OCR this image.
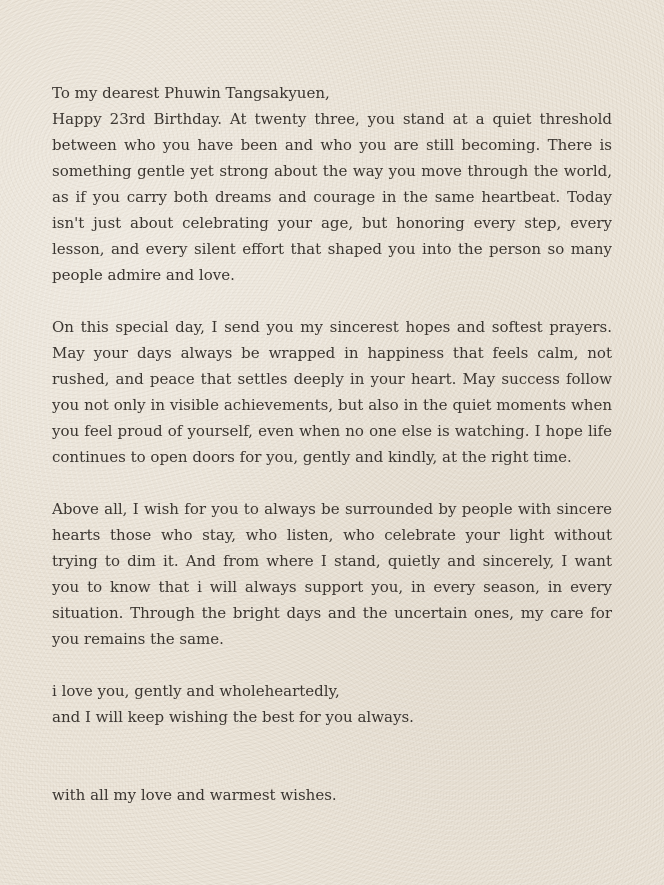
To my dearest Phuwin Tangsakyuen,

Happy 23rd Birthday. At twenty three, you stand at a quiet threshold between who you have been and who you are still becoming. There is something gentle yet strong about the way you move through the world, as if you carry both dreams and courage in the same heartbeat. Today isn't just about celebrating your age, but honoring every step, every lesson, and every silent effort that shaped you into the person so many people admire and love.

On this special day, I send you my sincerest hopes and softest prayers. May your days always be wrapped in happiness that feels calm, not rushed, and peace that settles deeply in your heart. May success follow you not only in visible achievements, but also in the quiet moments when you feel proud of yourself, even when no one else is watching. I hope life continues to open doors for you, gently and kindly, at the right time.

Above all, I wish for you to always be surrounded by people with sincere hearts those who stay, who listen, who celebrate your light without trying to dim it. And from where I stand, quietly and sincerely, I want you to know that i will always support you, in every season, in every situation. Through the bright days and the uncertain ones, my care for you remains the same.

i love you, gently and wholeheartedly,

and I will keep wishing the best for you always.

with all my love and warmest wishes.
